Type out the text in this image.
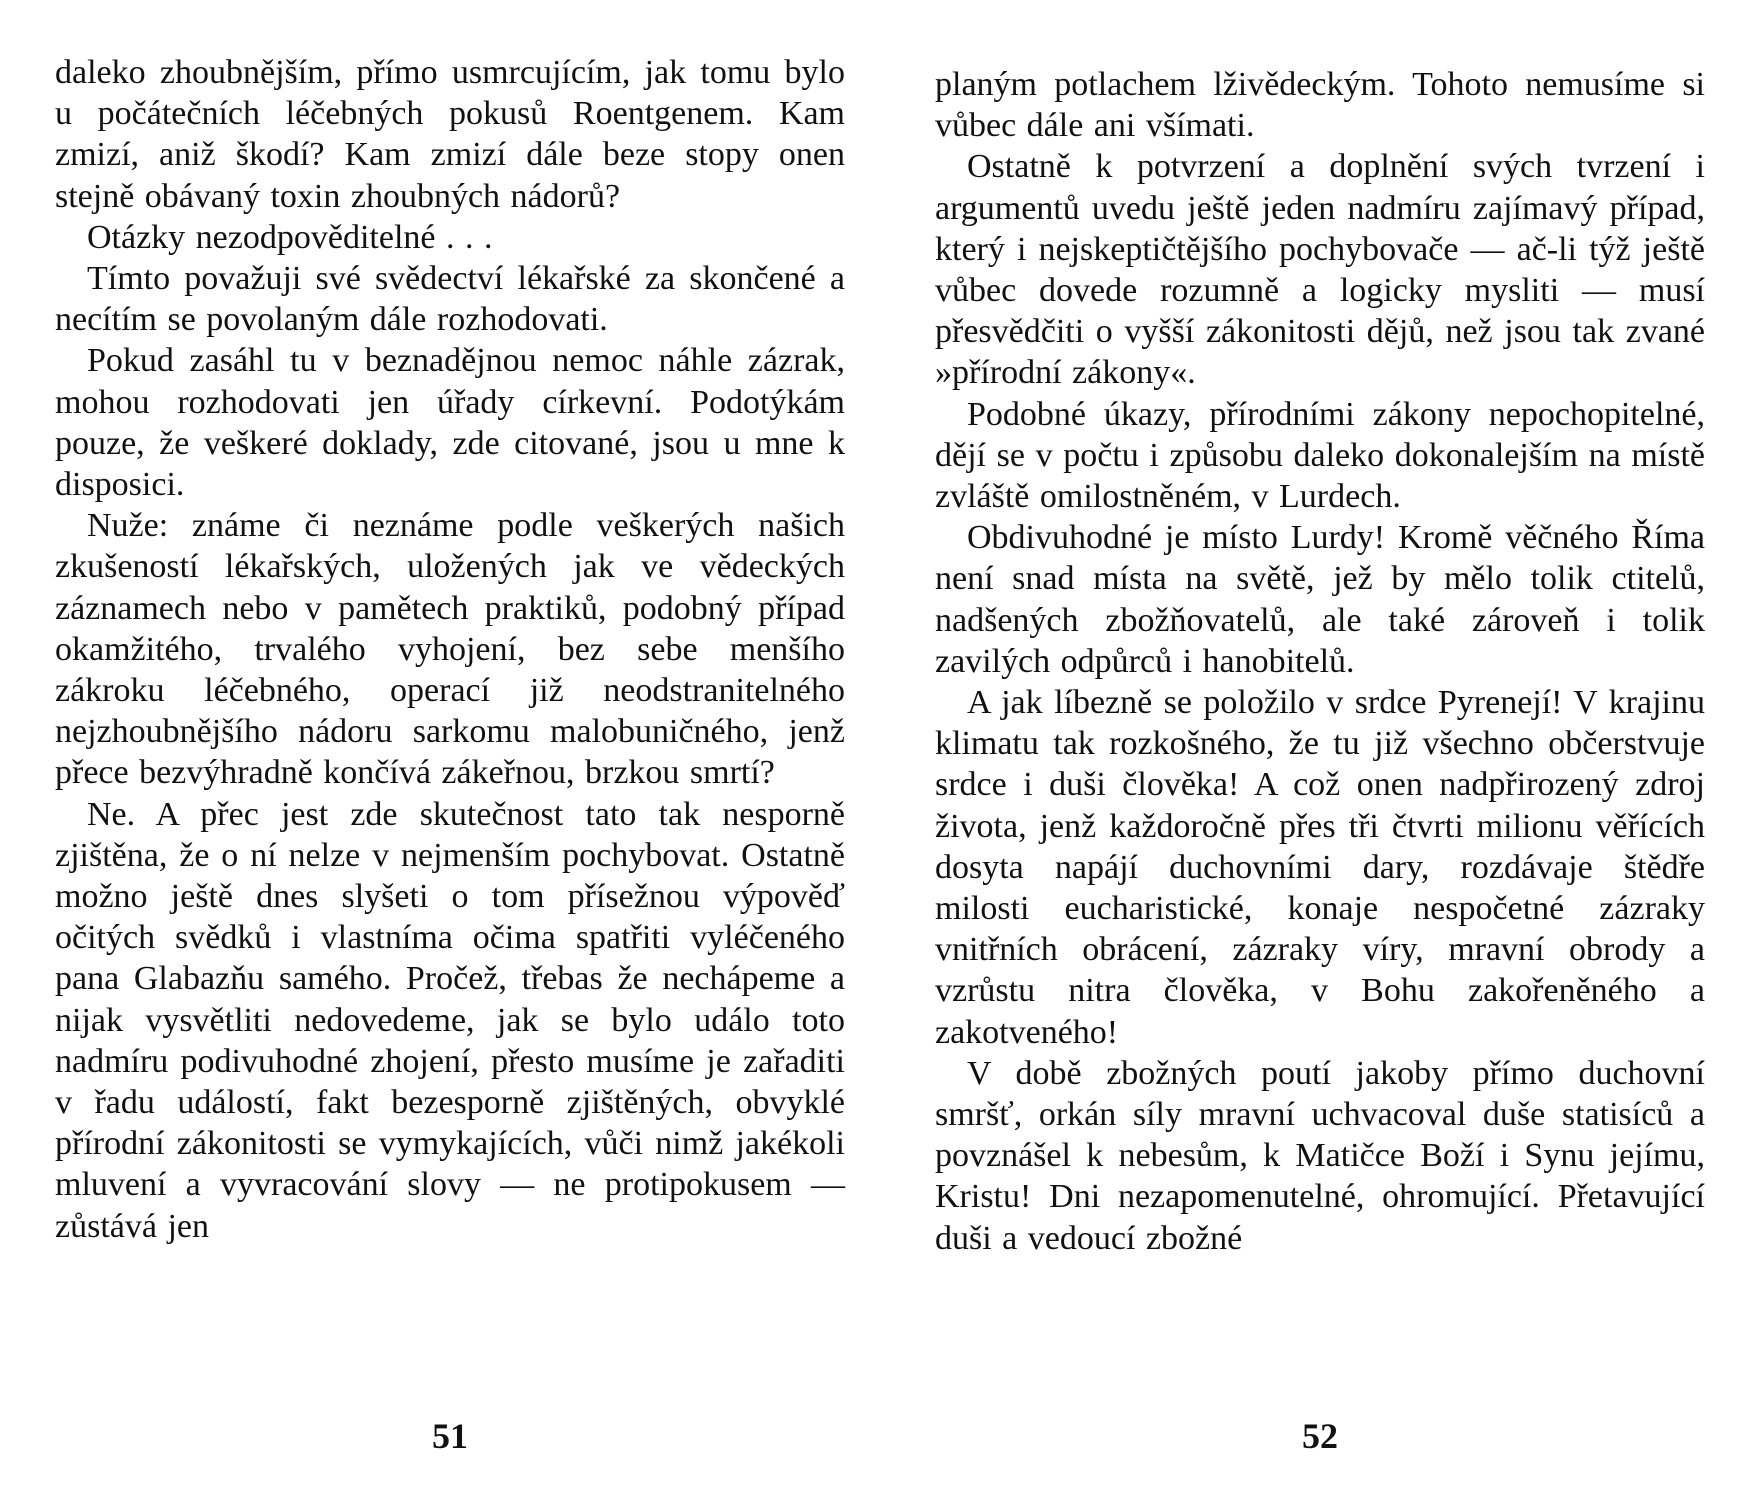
daleko zhoubnějším, přímo usmrcujícím, jak tomu bylo u počátečních léčebných pokusů Roentgenem. Kam zmizí, aniž škodí? Kam zmizí dále beze stopy onen stejně obávaný toxin zhoubných nádorů?

Otázky nezodpověditelné . . .

Tímto považuji své svědectví lékařské za skončené a necítím se povolaným dále rozhodovati.

Pokud zasáhl tu v beznadějnou nemoc náhle zázrak, mohou rozhodovati jen úřady církevní. Podotýkám pouze, že veškeré doklady, zde citované, jsou u mne k disposici.

Nuže: známe či neznáme podle veškerých našich zkušeností lékařských, uložených jak ve vědeckých záznamech nebo v pamětech praktiků, podobný případ okamžitého, trvalého vyhojení, bez sebe menšího zákroku léčebného, operací již neodstranitelného nejzhoubnějšího nádoru sarkomu malobuničného, jenž přece bezvýhradně končívá zákeřnou, brzkou smrtí?

Ne. A přec jest zde skutečnost tato tak nesporně zjištěna, že o ní nelze v nejmenším pochybovat. Ostatně možno ještě dnes slyšeti o tom přísežnou výpověď očitých svědků i vlastníma očima spatřiti vyléčeného pana Glabazňu samého. Pročež, třebas že nechápeme a nijak vysvětliti nedovedeme, jak se bylo událo toto nadmíru podivuhodné zhojení, přesto musíme je zařaditi v řadu událostí, fakt bezesporně zjištěných, obvyklé přírodní zákonitosti se vymykajících, vůči nimž jakékoli mluvení a vyvracování slovy — ne protipokusem — zůstává jen

planým potlachem lživědeckým. Tohoto nemusíme si vůbec dále ani všímati.

Ostatně k potvrzení a doplnění svých tvrzení i argumentů uvedu ještě jeden nadmíru zajímavý případ, který i nejskeptičtějšího pochybovače — ač-li týž ještě vůbec dovede rozumně a logicky mysliti — musí přesvědčiti o vyšší zákonitosti dějů, než jsou tak zvané »přírodní zákony«.

Podobné úkazy, přírodními zákony nepochopitelné, dějí se v počtu i způsobu daleko dokonalejším na místě zvláště omilostněném, v Lurdech.

Obdivuhodné je místo Lurdy! Kromě věčného Říma není snad místa na světě, jež by mělo tolik ctitelů, nadšených zbožňovatelů, ale také zároveň i tolik zavilých odpůrců i hanobitelů.

A jak líbezně se položilo v srdce Pyrenejí! V krajinu klimatu tak rozkošného, že tu již všechno občerstvuje srdce i duši člověka! A což onen nadpřirozený zdroj života, jenž každoročně přes tři čtvrti milionu věřících dosyta napájí duchovními dary, rozdávaje štědře milosti eucharistické, konaje nespočetné zázraky vnitřních obrácení, zázraky víry, mravní obrody a vzrůstu nitra člověka, v Bohu zakořeněného a zakotveného!

V době zbožných poutí jakoby přímo duchovní smršť, orkán síly mravní uchvacoval duše statisíců a povznášel k nebesům, k Matičce Boží i Synu jejímu, Kristu! Dni nezapomenutelné, ohromující. Přetavující duši a vedoucí zbožné

51	52
